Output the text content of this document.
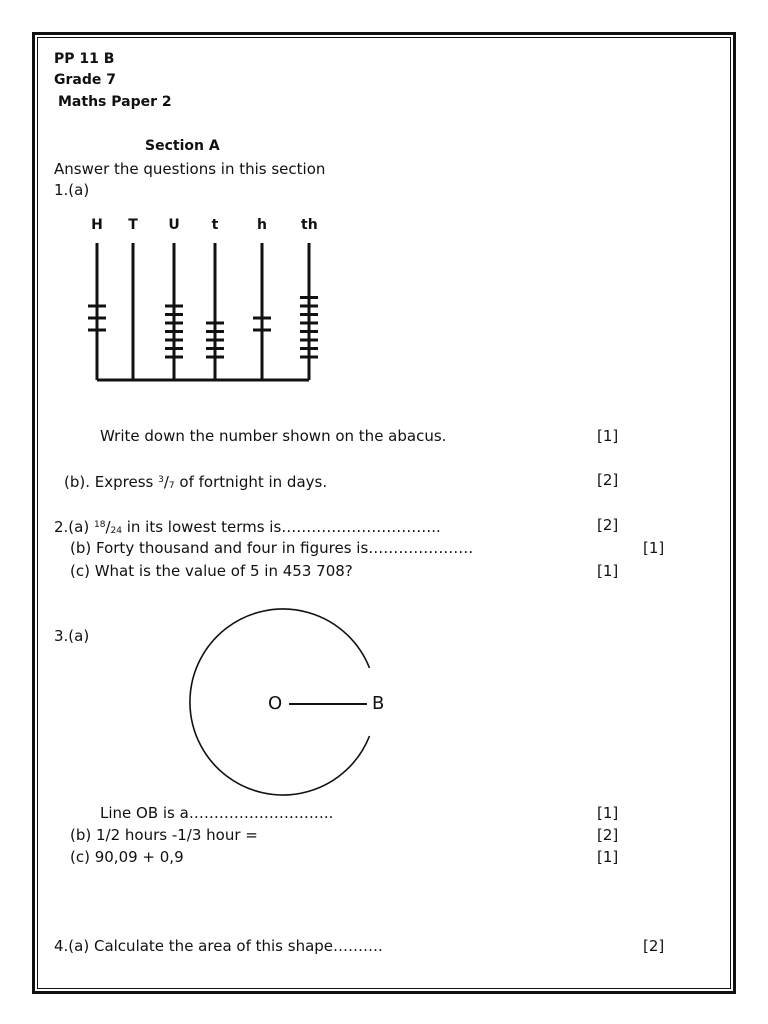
PP 11 B
Grade 7
Maths Paper 2
Section A
Answer the questions in this section
1.(a)
H T U	t	h th
Write down the number shown on the abacus.	[1]
(b). Express $^3$/7 of fortnight in days.	[2]
2.(a) $^{18}$/24 in its lowest terms is…………………………..	[2]
(b) Forty thousand and four in figures is…………………	[1]
(c) What is the value of 5 in 453 708?	[1]
3.(a)
O	B
Line OB is a………………………..	[1]
(b) 1/2 hours -1/3 hour =	[2]
(c) 90,09 + 0,9	[1]
4.(a) Calculate the area of this shape……….	[2]
